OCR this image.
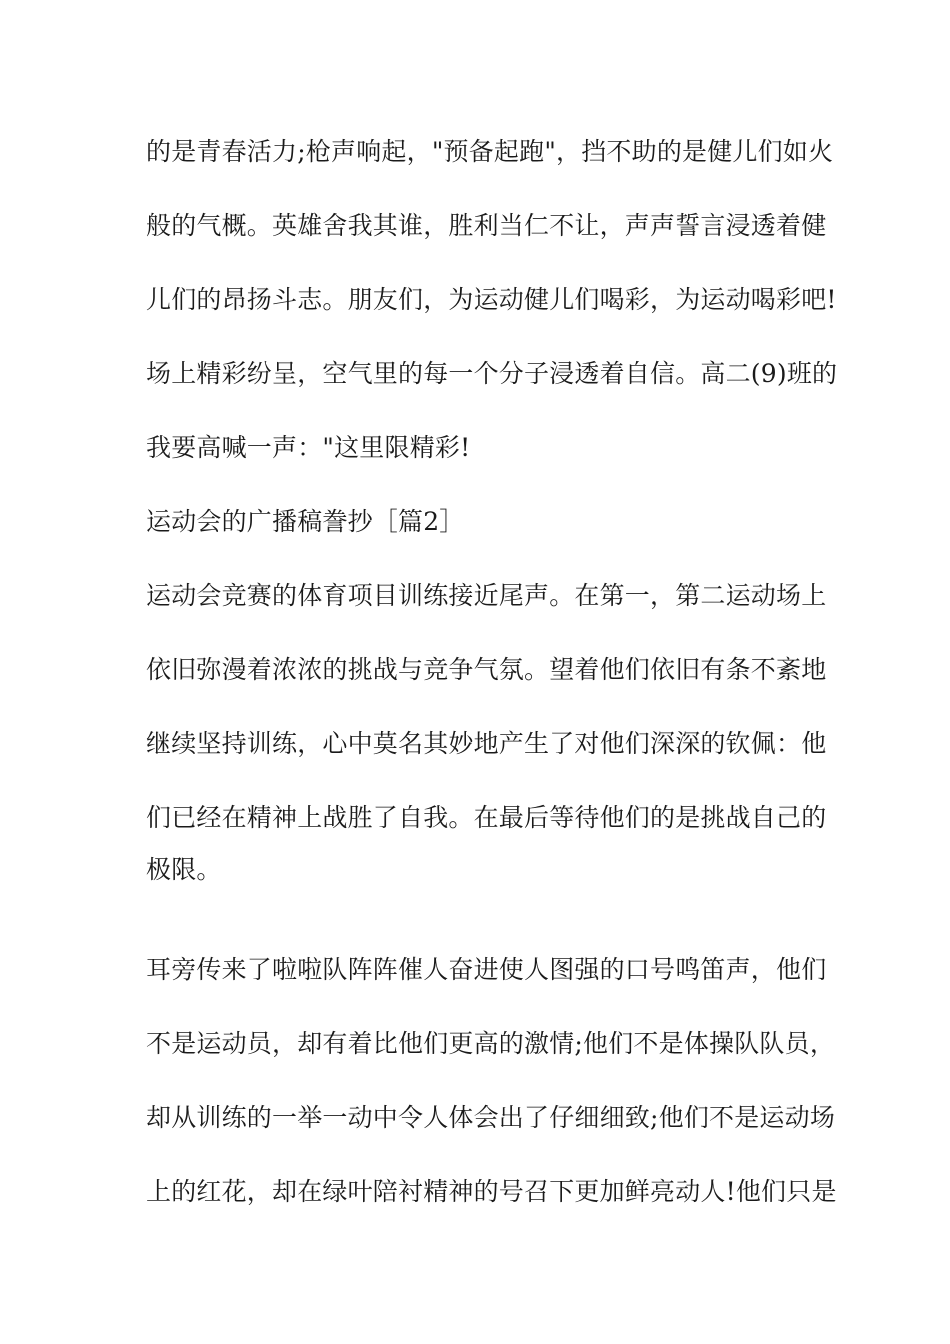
的是青春活力;枪声响起，"预备起跑"，挡不助的是健儿们如火
般的气概。英雄舍我其谁，胜利当仁不让，声声誓言浸透着健
儿们的昂扬斗志。朋友们，为运动健儿们喝彩，为运动喝彩吧!
场上精彩纷呈，空气里的每一个分子浸透着自信。高二(9)班的
我要高喊一声："这里限精彩!
运动会的广播稿誊抄［篇2］
运动会竞赛的体育项目训练接近尾声。在第一，第二运动场上
依旧弥漫着浓浓的挑战与竞争气氛。望着他们依旧有条不紊地
继续坚持训练，心中莫名其妙地产生了对他们深深的钦佩：他
们已经在精神上战胜了自我。在最后等待他们的是挑战自己的
极限。
耳旁传来了啦啦队阵阵催人奋进使人图强的口号鸣笛声，他们
不是运动员，却有着比他们更高的激情;他们不是体操队队员，
却从训练的一举一动中令人体会出了仔细细致;他们不是运动场
上的红花，却在绿叶陪衬精神的号召下更加鲜亮动人!他们只是
